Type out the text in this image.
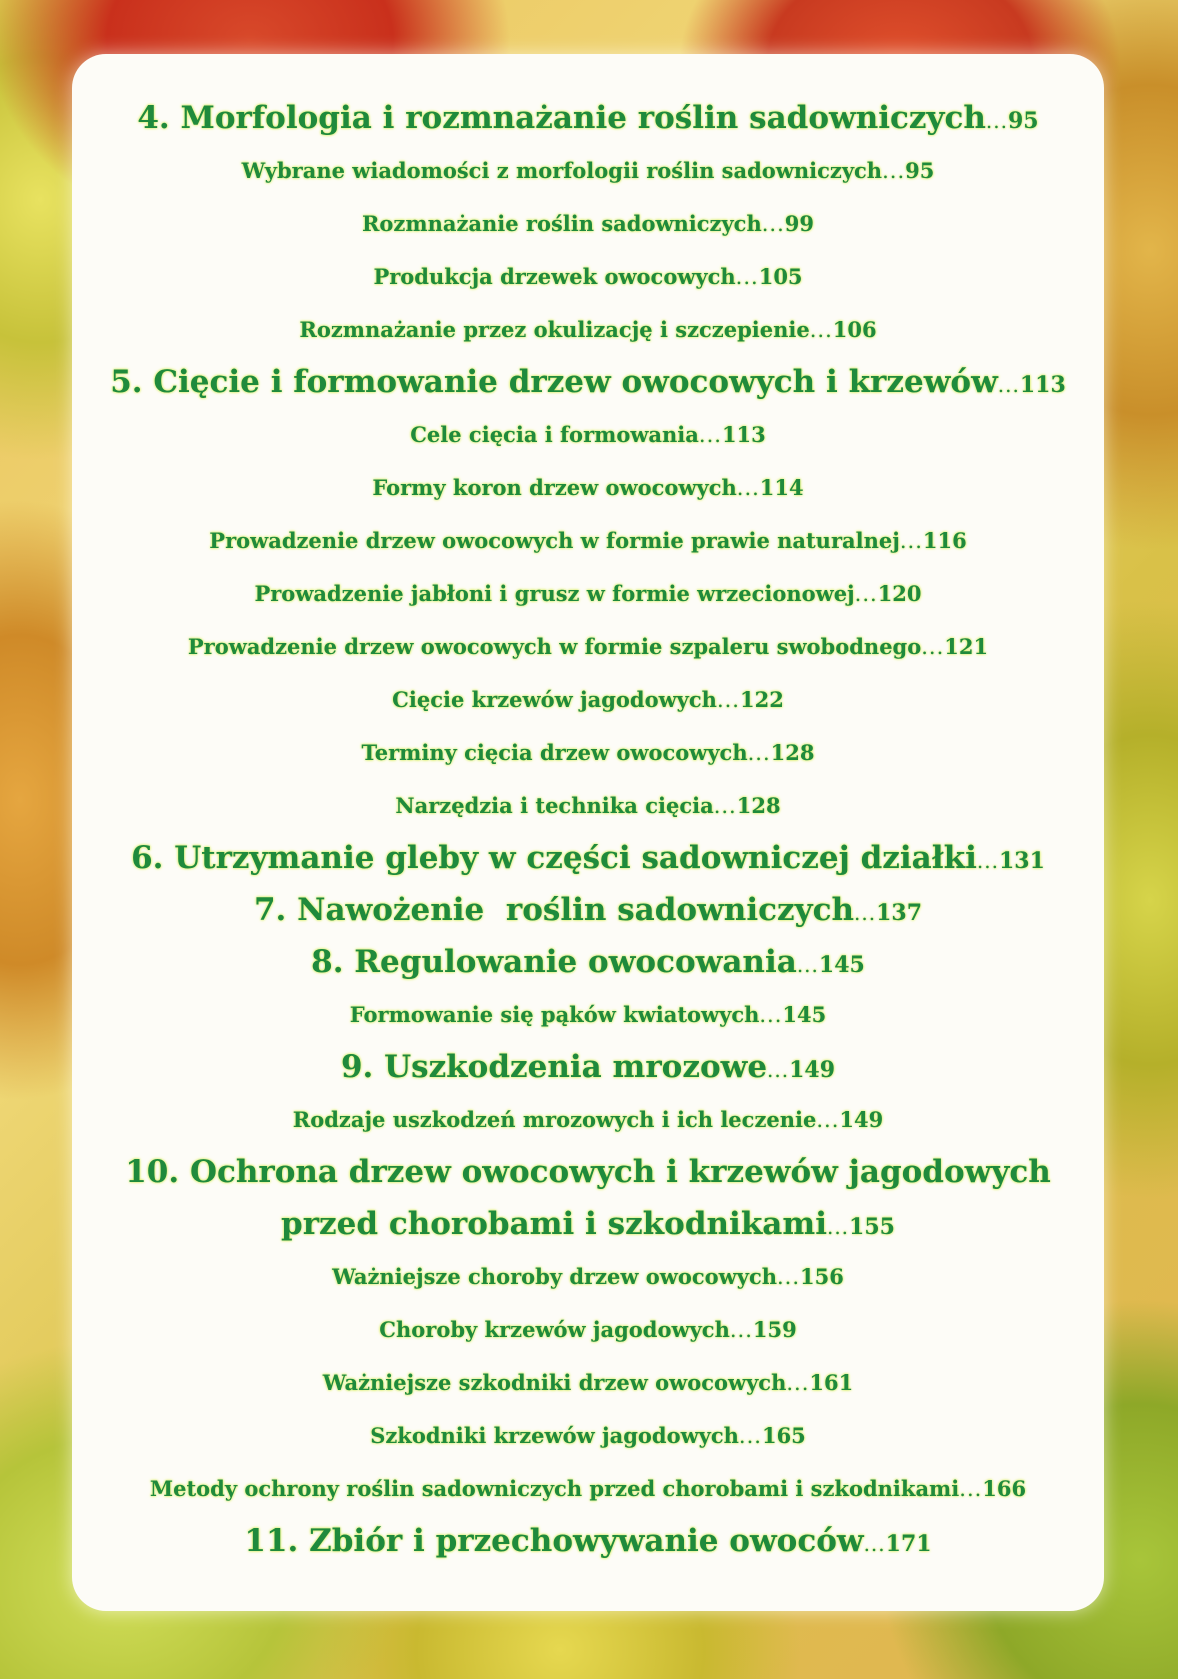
4. Morfologia i rozmnażanie roślin sadowniczych...95
Wybrane wiadomości z morfologii roślin sadowniczych...95
Rozmnażanie roślin sadowniczych...99
Produkcja drzewek owocowych...105
Rozmnażanie przez okulizację i szczepienie...106
5. Cięcie i formowanie drzew owocowych i krzewów...113
Cele cięcia i formowania...113
Formy koron drzew owocowych...114
Prowadzenie drzew owocowych w formie prawie naturalnej...116
Prowadzenie jabłoni i grusz w formie wrzecionowej...120
Prowadzenie drzew owocowych w formie szpaleru swobodnego...121
Cięcie krzewów jagodowych...122
Terminy cięcia drzew owocowych...128
Narzędzia i technika cięcia...128
6. Utrzymanie gleby w części sadowniczej działki...131
7. Nawożenie  roślin sadowniczych...137
8. Regulowanie owocowania...145
Formowanie się pąków kwiatowych...145
9. Uszkodzenia mrozowe...149
Rodzaje uszkodzeń mrozowych i ich leczenie...149
10. Ochrona drzew owocowych i krzewów jagodowych
przed chorobami i szkodnikami...155
Ważniejsze choroby drzew owocowych...156
Choroby krzewów jagodowych...159
Ważniejsze szkodniki drzew owocowych...161
Szkodniki krzewów jagodowych...165
Metody ochrony roślin sadowniczych przed chorobami i szkodnikami...166
11. Zbiór i przechowywanie owoców...171
